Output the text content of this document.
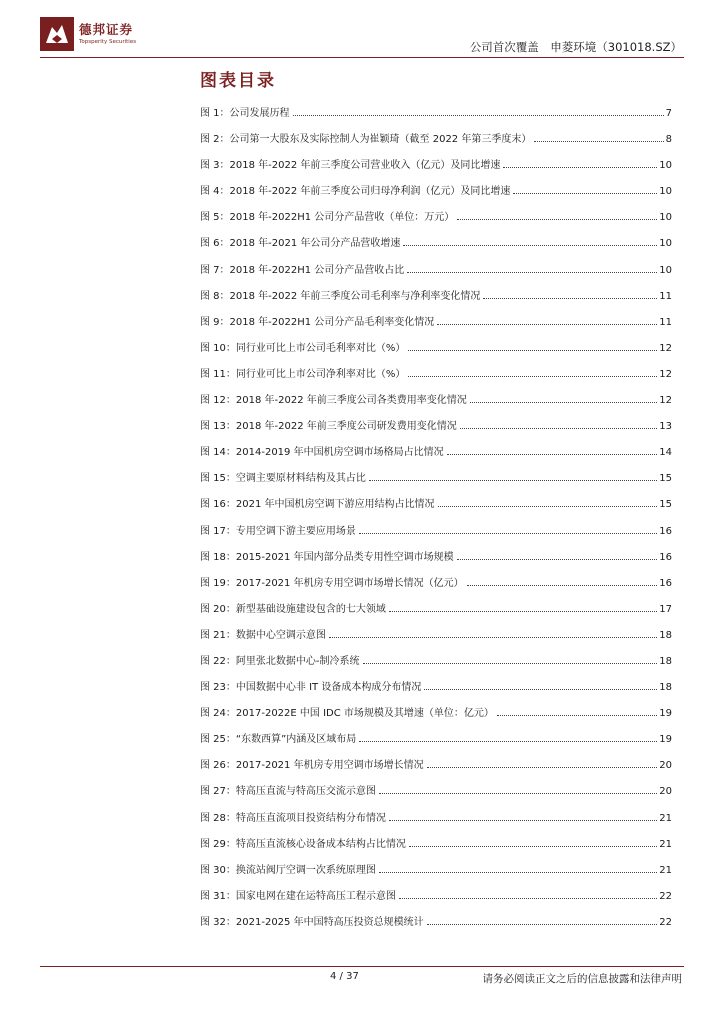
德邦证券
Topsperity Securities	公司首次覆盖　申菱环境（301018.SZ）
图表目录
图 1：公司发展历程	7
图 2：公司第一大股东及实际控制人为崔颖琦（截至 2022 年第三季度末）	8
图 3：2018 年-2022 年前三季度公司营业收入（亿元）及同比增速	10
图 4：2018 年-2022 年前三季度公司归母净利润（亿元）及同比增速	10
图 5：2018 年-2022H1 公司分产品营收（单位：万元）	10
图 6：2018 年-2021 年公司分产品营收增速	10
图 7：2018 年-2022H1 公司分产品营收占比	10
图 8：2018 年-2022 年前三季度公司毛利率与净利率变化情况	11
图 9：2018 年-2022H1 公司分产品毛利率变化情况	11
图 10：同行业可比上市公司毛利率对比（%）	12
图 11：同行业可比上市公司净利率对比（%）	12
图 12：2018 年-2022 年前三季度公司各类费用率变化情况	12
图 13：2018 年-2022 年前三季度公司研发费用变化情况	13
图 14：2014-2019 年中国机房空调市场格局占比情况	14
图 15：空调主要原材料结构及其占比	15
图 16：2021 年中国机房空调下游应用结构占比情况	15
图 17：专用空调下游主要应用场景	16
图 18：2015-2021 年国内部分品类专用性空调市场规模	16
图 19：2017-2021 年机房专用空调市场增长情况（亿元）	16
图 20：新型基础设施建设包含的七大领域	17
图 21：数据中心空调示意图	18
图 22：阿里张北数据中心-制冷系统	18
图 23：中国数据中心非 IT 设备成本构成分布情况	18
图 24：2017-2022E 中国 IDC 市场规模及其增速（单位：亿元）	19
图 25：“东数西算”内涵及区域布局	19
图 26：2017-2021 年机房专用空调市场增长情况	20
图 27：特高压直流与特高压交流示意图	20
图 28：特高压直流项目投资结构分布情况	21
图 29：特高压直流核心设备成本结构占比情况	21
图 30：换流站阀厅空调一次系统原理图	21
图 31：国家电网在建在运特高压工程示意图	22
图 32：2021-2025 年中国特高压投资总规模统计	22
4 / 37	请务必阅读正文之后的信息披露和法律声明
